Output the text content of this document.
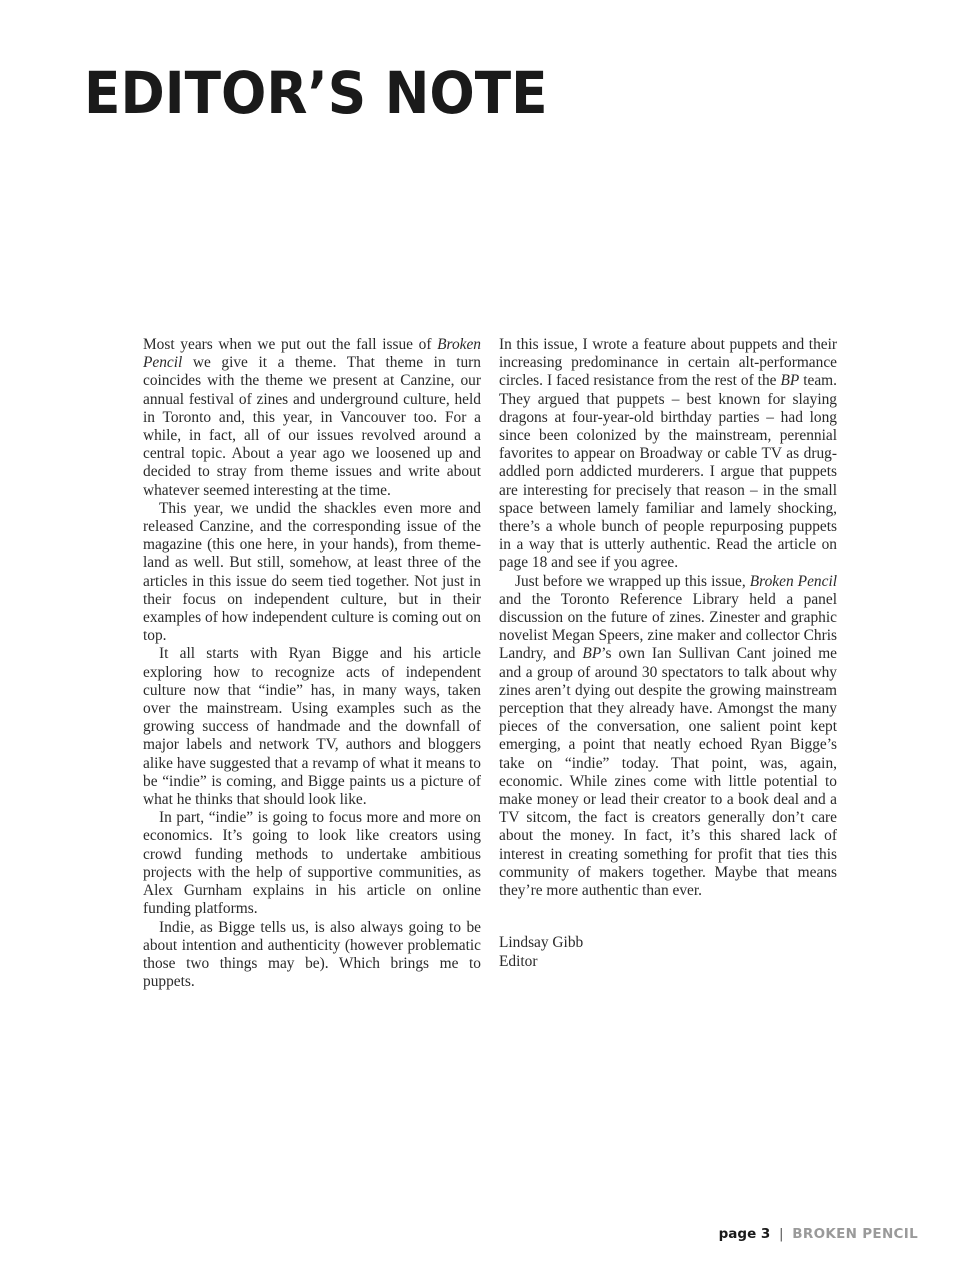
EDITOR’S NOTE

Most years when we put out the fall issue of Broken Pencil we give it a theme. That theme in turn coincides with the theme we present at Canzine, our annual festival of zines and underground culture, held in Toronto and, this year, in Vancouver too. For a while, in fact, all of our issues revolved around a central topic. About a year ago we loosened up and decided to stray from theme issues and write about whatever seemed interesting at the time.

This year, we undid the shackles even more and released Canzine, and the corresponding issue of the magazine (this one here, in your hands), from theme-land as well. But still, somehow, at least three of the articles in this issue do seem tied together. Not just in their focus on independent culture, but in their examples of how independent culture is coming out on top.

It all starts with Ryan Bigge and his article exploring how to recognize acts of independent culture now that “indie” has, in many ways, taken over the mainstream. Using examples such as the growing success of handmade and the downfall of major labels and network TV, authors and bloggers alike have suggested that a revamp of what it means to be “indie” is coming, and Bigge paints us a picture of what he thinks that should look like.

In part, “indie” is going to focus more and more on economics. It’s going to look like creators using crowd funding methods to undertake ambitious projects with the help of supportive communities, as Alex Gurnham explains in his article on online funding platforms.

Indie, as Bigge tells us, is also always going to be about intention and authenticity (however problematic those two things may be). Which brings me to puppets.

In this issue, I wrote a feature about puppets and their increasing predominance in certain alt-performance circles. I faced resistance from the rest of the BP team. They argued that puppets – best known for slaying dragons at four-year-old birthday parties – had long since been colonized by the mainstream, perennial favorites to appear on Broadway or cable TV as drug-addled porn addicted murderers. I argue that puppets are interesting for precisely that reason – in the small space between lamely familiar and lamely shocking, there’s a whole bunch of people repurposing puppets in a way that is utterly authentic. Read the article on page 18 and see if you agree.

Just before we wrapped up this issue, Broken Pencil and the Toronto Reference Library held a panel discussion on the future of zines. Zinester and graphic novelist Megan Speers, zine maker and collector Chris Landry, and BP’s own Ian Sullivan Cant joined me and a group of around 30 spectators to talk about why zines aren’t dying out despite the growing mainstream perception that they already have. Amongst the many pieces of the conversation, one salient point kept emerging, a point that neatly echoed Ryan Bigge’s take on “indie” today. That point, was, again, economic. While zines come with little potential to make money or lead their creator to a book deal and a TV sitcom, the fact is creators generally don’t care about the money. In fact, it’s this shared lack of interest in creating something for profit that ties this community of makers together. Maybe that means they’re more authentic than ever.

Lindsay Gibb
Editor
page 3 | BROKEN PENCIL
